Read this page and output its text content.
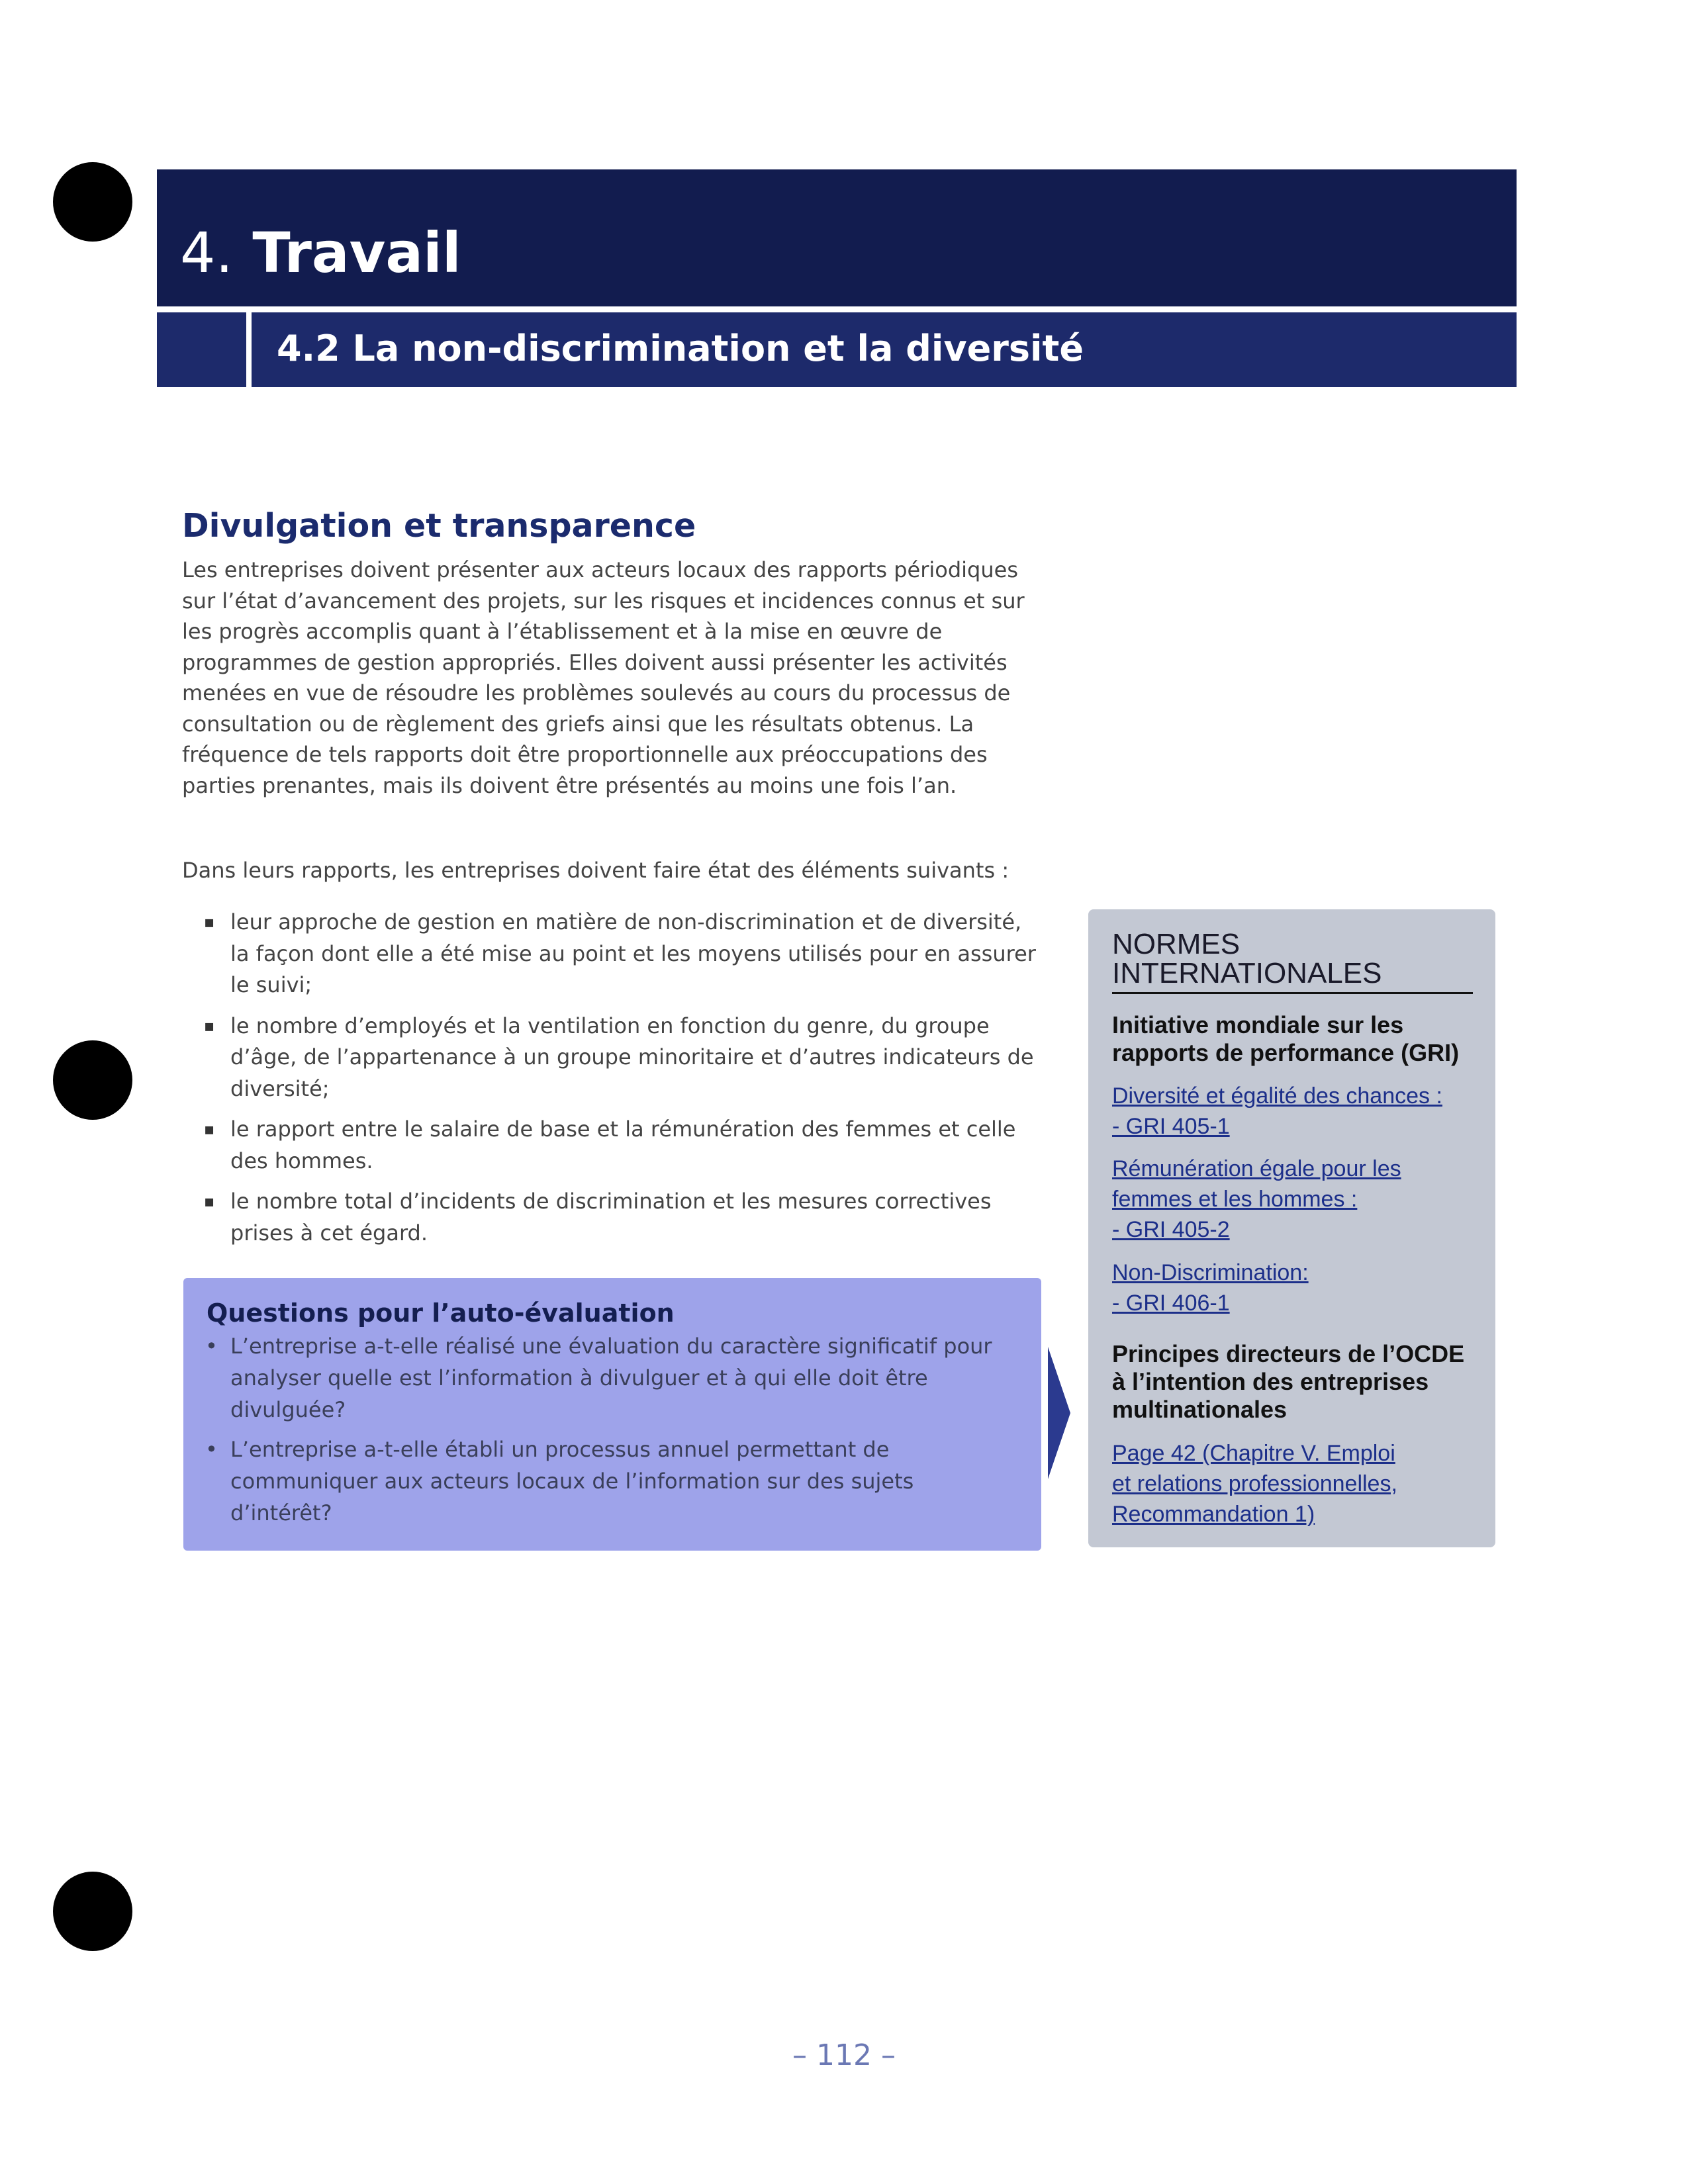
4. Travail
4.2 La non-discrimination et la diversité
Divulgation et transparence
Les entreprises doivent présenter aux acteurs locaux des rapports périodiques sur l’état d’avancement des projets, sur les risques et incidences connus et sur les progrès accomplis quant à l’établissement et à la mise en œuvre de programmes de gestion appropriés. Elles doivent aussi présenter les activités menées en vue de résoudre les problèmes soulevés au cours du processus de consultation ou de règlement des griefs ainsi que les résultats obtenus. La fréquence de tels rapports doit être proportionnelle aux préoccupations des parties prenantes, mais ils doivent être présentés au moins une fois l’an.
Dans leurs rapports, les entreprises doivent faire état des éléments suivants :
▪ leur approche de gestion en matière de non-discrimination et de diversité, la façon dont elle a été mise au point et les moyens utilisés pour en assurer le suivi;
▪ le nombre d’employés et la ventilation en fonction du genre, du groupe d’âge, de l’appartenance à un groupe minoritaire et d’autres indicateurs de diversité;
▪ le rapport entre le salaire de base et la rémunération des femmes et celle des hommes.
▪ le nombre total d’incidents de discrimination et les mesures correctives prises à cet égard.
Questions pour l’auto-évaluation
• L’entreprise a-t-elle réalisé une évaluation du caractère significatif pour analyser quelle est l’information à divulguer et à qui elle doit être divulguée?
• L’entreprise a-t-elle établi un processus annuel permettant de communiquer aux acteurs locaux de l’information sur des sujets d’intérêt?
NORMES
INTERNATIONALES
Initiative mondiale sur les rapports de performance (GRI)
Diversité et égalité des chances :
- GRI 405-1
Rémunération égale pour les
femmes et les hommes :
- GRI 405-2
Non-Discrimination:
- GRI 406-1
Principes directeurs de l’OCDE à l’intention des entreprises multinationales
Page 42 (Chapitre V. Emploi
et relations professionnelles,
Recommandation 1)
– 112 –
